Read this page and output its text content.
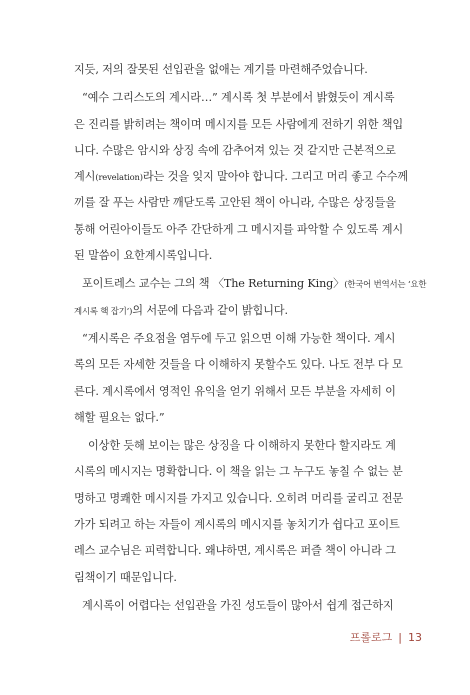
지듯, 저의 잘못된 선입관을 없애는 계기를 마련해주었습니다.
“예수 그리스도의 계시라…” 계시록 첫 부분에서 밝혔듯이 계시록
은 진리를 밝히려는 책이며 메시지를 모든 사람에게 전하기 위한 책입
니다. 수많은 암시와 상징 속에 감추어져 있는 것 같지만 근본적으로
계시(revelation)라는 것을 잊지 말아야 합니다. 그리고 머리 좋고 수수께
끼를 잘 푸는 사람만 깨닫도록 고안된 책이 아니라, 수많은 상징들을
통해 어린아이들도 아주 간단하게 그 메시지를 파악할 수 있도록 계시
된 말씀이 요한계시록입니다.
포이트레스 교수는 그의 책 〈The Returning King〉(한국어 번역서는 ‘요한
계시록 핵 잡기’)의 서문에 다음과 같이 밝힙니다.
“계시록은 주요점을 염두에 두고 읽으면 이해 가능한 책이다. 계시
록의 모든 자세한 것들을 다 이해하지 못할수도 있다. 나도 전부 다 모
른다. 계시록에서 영적인 유익을 얻기 위해서 모든 부분을 자세히 이
해할 필요는 없다.”
이상한 듯해 보이는 많은 상징을 다 이해하지 못한다 할지라도 계
시록의 메시지는 명확합니다. 이 책을 읽는 그 누구도 놓칠 수 없는 분
명하고 명쾌한 메시지를 가지고 있습니다. 오히려 머리를 굴리고 전문
가가 되려고 하는 자들이 계시록의 메시지를 놓치기가 쉽다고 포이트
레스 교수님은 피력합니다. 왜냐하면, 계시록은 퍼즐 책이 아니라 그
림책이기 때문입니다.
계시록이 어렵다는 선입관을 가진 성도들이 많아서 쉽게 접근하지
프롤로그 | 13
